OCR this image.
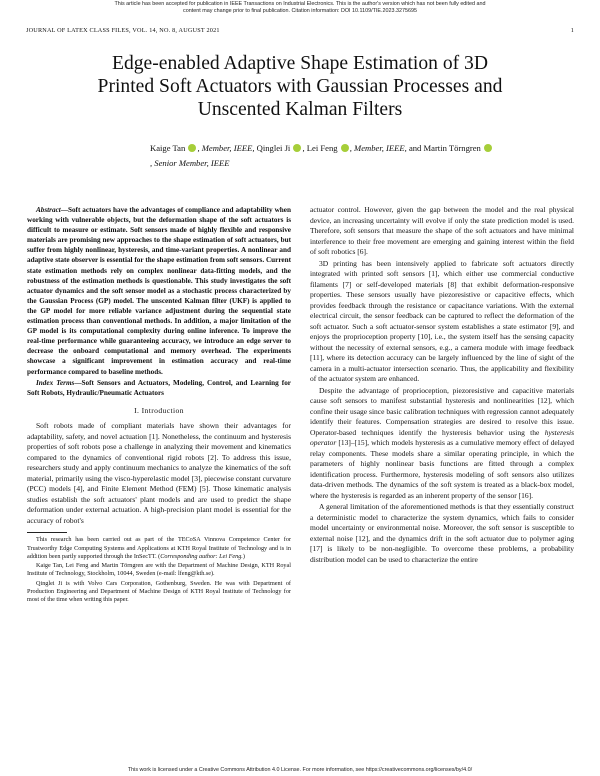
This article has been accepted for publication in IEEE Transactions on Industrial Electronics. This is the author's version which has not been fully edited and
content may change prior to final publication. Citation information: DOI 10.1109/TIE.2023.3275695
JOURNAL OF LATEX CLASS FILES, VOL. 14, NO. 8, AUGUST 2021	1
Edge-enabled Adaptive Shape Estimation of 3D
Printed Soft Actuators with Gaussian Processes and
Unscented Kalman Filters
Kaige Tan , Member, IEEE, Qinglei Ji , Lei Feng , Member, IEEE, and Martin Törngren
, Senior Member, IEEE

Abstract—Soft actuators have the advantages of compliance and adaptability when working with vulnerable objects, but the deformation shape of the soft actuators is difficult to measure or estimate. Soft sensors made of highly flexible and responsive materials are promising new approaches to the shape estimation of soft actuators, but suffer from highly nonlinear, hysteresis, and time-variant properties. A nonlinear and adaptive state observer is essential for the shape estimation from soft sensors. Current state estimation methods rely on complex nonlinear data-fitting models, and the robustness of the estimation methods is questionable. This study investigates the soft actuator dynamics and the soft sensor model as a stochastic process characterized by the Gaussian Process (GP) model. The unscented Kalman filter (UKF) is applied to the GP model for more reliable variance adjustment during the sequential state estimation process than conventional methods. In addition, a major limitation of the GP model is its computational complexity during online inference. To improve the real-time performance while guaranteeing accuracy, we introduce an edge server to decrease the onboard computational and memory overhead. The experiments showcase a significant improvement in estimation accuracy and real-time performance compared to baseline methods.

Index Terms—Soft Sensors and Actuators, Modeling, Control, and Learning for Soft Robots, Hydraulic/Pneumatic Actuators

I. Introduction

Soft robots made of compliant materials have shown their advantages for adaptability, safety, and novel actuation [1]. Nonetheless, the continuum and hysteresis properties of soft robots pose a challenge in analyzing their movement and kinematics compared to the dynamics of conventional rigid robots [2]. To address this issue, researchers study and apply continuum mechanics to analyze the kinematics of the soft material, primarily using the visco-hyperelastic model [3], piecewise constant curvature (PCC) models [4], and Finite Element Method (FEM) [5]. Those kinematic analysis studies establish the soft actuators' plant models and are used to predict the shape deformation under external actuation. A high-precision plant model is essential for the accuracy of robot's

This research has been carried out as part of the TECoSA Vinnova Competence Center for Trustworthy Edge Computing Systems and Applications at KTH Royal Institute of Technology and is in addition been partly supported through the InSecTT. (Corresponding author: Lei Feng.)

Kaige Tan, Lei Feng and Martin Törngren are with the Department of Machine Design, KTH Royal Institute of Technology, Stockholm, 10044, Sweden (e-mail: lfeng@kth.se).

Qinglei Ji is with Volvo Cars Corporation, Gothenburg, Sweden. He was with Department of Production Engineering and Department of Machine Design of KTH Royal Institute of Technology for most of the time when writing this paper.

actuator control. However, given the gap between the model and the real physical device, an increasing uncertainty will evolve if only the state prediction model is used. Therefore, soft sensors that measure the shape of the soft actuators and have minimal interference to their free movement are emerging and gaining interest within the field of soft robotics [6].

3D printing has been intensively applied to fabricate soft actuators directly integrated with printed soft sensors [1], which either use commercial conductive filaments [7] or self-developed materials [8] that exhibit deformation-responsive properties. These sensors usually have piezoresistive or capacitive effects, which provides feedback through the resistance or capacitance variations. With the external electrical circuit, the sensor feedback can be captured to reflect the deformation of the soft actuator. Such a soft actuator-sensor system establishes a state estimator [9], and enjoys the proprioception property [10], i.e., the system itself has the sensing capacity without the necessity of external sensors, e.g., a camera module with image feedback [11], where its detection accuracy can be largely influenced by the line of sight of the camera in a multi-actuator intersection scenario. Thus, the applicability and flexibility of the actuator system are enhanced.

Despite the advantage of proprioception, piezoresistive and capacitive materials cause soft sensors to manifest substantial hysteresis and nonlinearities [12], which confine their usage since basic calibration techniques with regression cannot adequately identify their features. Compensation strategies are desired to resolve this issue. Operator-based techniques identify the hysteresis behavior using the hysteresis operator [13]–[15], which models hysteresis as a cumulative memory effect of delayed relay components. These models share a similar operating principle, in which the parameters of highly nonlinear basis functions are fitted through a complex identification process. Furthermore, hysteresis modeling of soft sensors also utilizes data-driven methods. The dynamics of the soft system is treated as a black-box model, where the hysteresis is regarded as an inherent property of the sensor [16].

A general limitation of the aforementioned methods is that they essentially construct a deterministic model to characterize the system dynamics, which fails to consider model uncertainty or environmental noise. Moreover, the soft sensor is susceptible to external noise [12], and the dynamics drift in the soft actuator due to polymer aging [17] is likely to be non-negligible. To overcome these problems, a probability distribution model can be used to characterize the entire

This work is licensed under a Creative Commons Attribution 4.0 License. For more information, see https://creativecommons.org/licenses/by/4.0/
